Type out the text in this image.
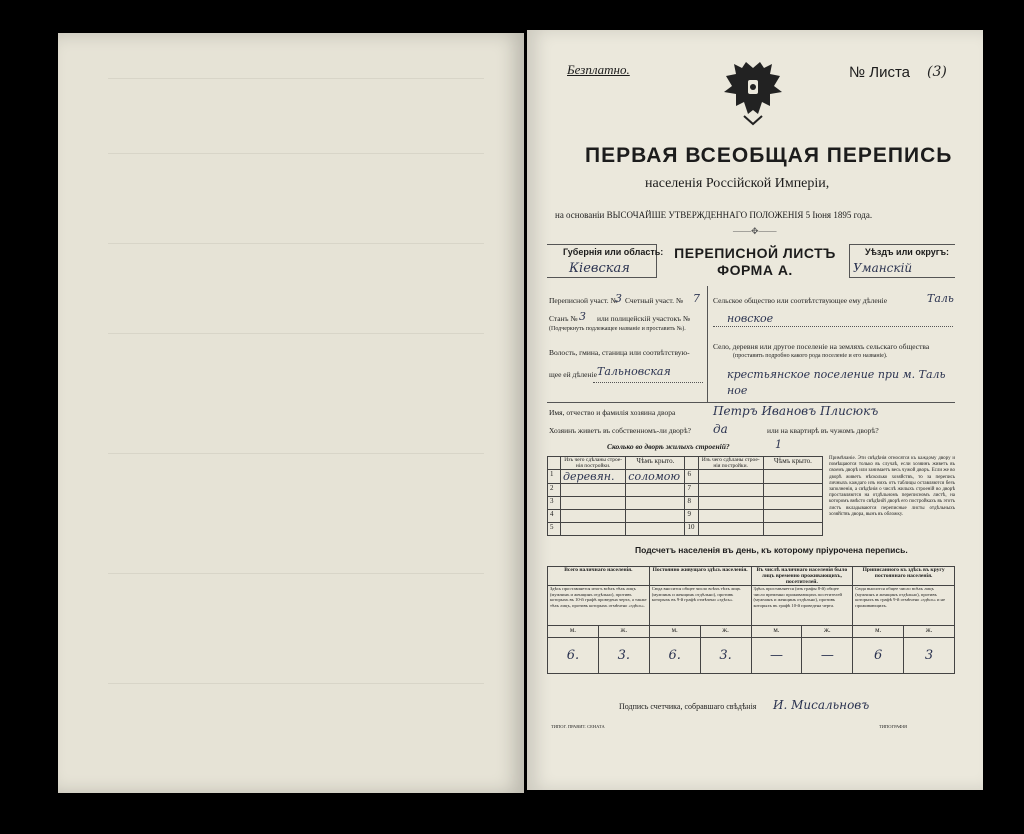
Безплатно.	№ Листа (3)
ПЕРВАЯ ВСЕОБЩАЯ ПЕРЕПИСЬ
населенія Россійской Имперіи,
на основаніи ВЫСОЧАЙШЕ УТВЕРЖДЕННАГО ПОЛОЖЕНІЯ 5 Іюня 1895 года.
——✥——
Губернія или область:
Кіевская
ПЕРЕПИСНОЙ ЛИСТЪ
ФОРМА А.
Уѣздъ или округъ:
Уманскій
Переписной участ. №
3 Счетный участ. № 7
Станъ № 3 или полицейскій участокъ №
(Подчеркнуть подлежащее названіе и проставить №).
Волость, гмина, станица или соотвѣтствую-
щее ей дѣленіе Тальновская
Сельское общество или соотвѣтствующее ему дѣленіе	Таль
новское
Село, деревня или другое поселеніе на земляхъ сельскаго общества
(проставить подробно какого рода поселеніе и его названіе).
крестьянское поселение при м. Таль
ное
Имя, отчество и фамилія хозяина двора	Петръ Ивановъ Плисюкъ
Хозяинъ живетъ въ собственномъ-ли дворѣ? да	или на квартирѣ въ чужомъ дворѣ?
Сколько во дворѣ жилыхъ строеній?	1
	Изъ чего сдѣланы строе-нія постройки.	Чѣмъ крыто.		Изъ чего сдѣланы строе-нія постройки.	Чѣмъ крыто.
1	деревян.	соломою	6		
2			7		
3			8		
4			9		
5			10		
Примѣчаніе. Эти свѣдѣнія относятся къ каждому двору и помѣщаются только въ случаѣ, если хозяинъ живетъ въ своемъ дворѣ или занимаетъ весь чужой дворъ. Если же во дворѣ живетъ нѣсколько хозяйствъ, то за перепись личныхъ каждаго изъ нихъ отъ таблицы оставляются безъ заполненія, а свѣдѣнія о числѣ жилыхъ строеній во дворѣ проставляются на отдѣльномъ переписномъ листѣ, на которомъ вмѣсто свѣдѣній дворѣ его постройкахъ въ этотъ листъ вкладываются переписные листы отдѣльныхъ хозяйствъ двора, вынъ въ обложку.
Подсчетъ населенія въ день, къ которому пріурочена перепись.
Всего наличнаго населенія.		Постоянно живущаго здѣсь населенія.		Въ числѣ наличнаго населенія было лицъ временно проживающихъ, посетителей.		Приписанного къ здѣсь въ кругу постояннаго населенія.	
Здѣсь проставляется итогъ всѣхъ тѣхъ лицъ (мужчинъ и женщинъ отдѣльно), противъ которыхъ въ 10-й графѣ проведена черта, а также тѣхъ лицъ, противъ которыхъ отмѣчено «здѣсь».		Сюда вносится общее число всѣхъ тѣхъ лицъ (мужчинъ и женщинъ отдѣльно), противъ которыхъ въ 9-й графѣ отмѣчено «здѣсь».		Здѣсь проставляется (изъ графы 8-й) общее число временно проживающихъ посетителей (мужчинъ и женщинъ отдѣльно), противъ которыхъ въ графѣ 10-й проведена черта.		Сюда вносится общее число всѣхъ лицъ (мужчинъ и женщинъ отдѣльно), противъ которыхъ въ графѣ 9-й отмѣчено «здѣсь» и не проживающихъ.	
м.	ж.	м.	ж.	м.	ж.	м.	ж.
6.	3.	6.	3.	—	—	6	3
Подпись счетчика, собравшаго свѣдѣнія И. Мисальновъ
ТИПОГ. ПРАВИТ. СЕНАТА	ТИПОГРАФІЯ
